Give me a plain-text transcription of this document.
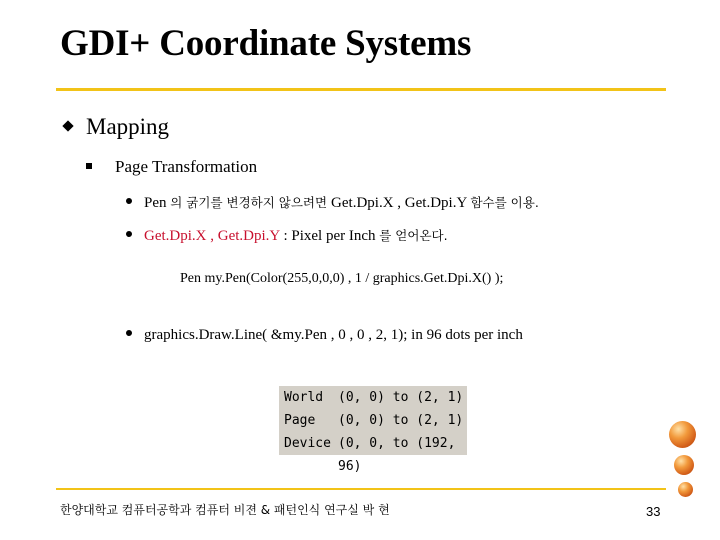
GDI+ Coordinate Systems
Mapping
Page Transformation
Pen 의 굵기를 변경하지 않으려면 Get.Dpi.X , Get.Dpi.Y 함수를 이용.
Get.Dpi.X , Get.Dpi.Y : Pixel per Inch 를 얻어온다.
Pen my.Pen(Color(255,0,0,0) , 1 / graphics.Get.Dpi.X() );
graphics.Draw.Line( &my.Pen , 0 , 0 , 2, 1); in 96 dots per inch
World	(0, 0) to (2, 1)
Page	(0, 0) to (2, 1)
Device (0, 0, to (192, 96)
한양대학교 컴퓨터공학과 컴퓨터 비젼 & 패턴인식 연구실 박 현	33
